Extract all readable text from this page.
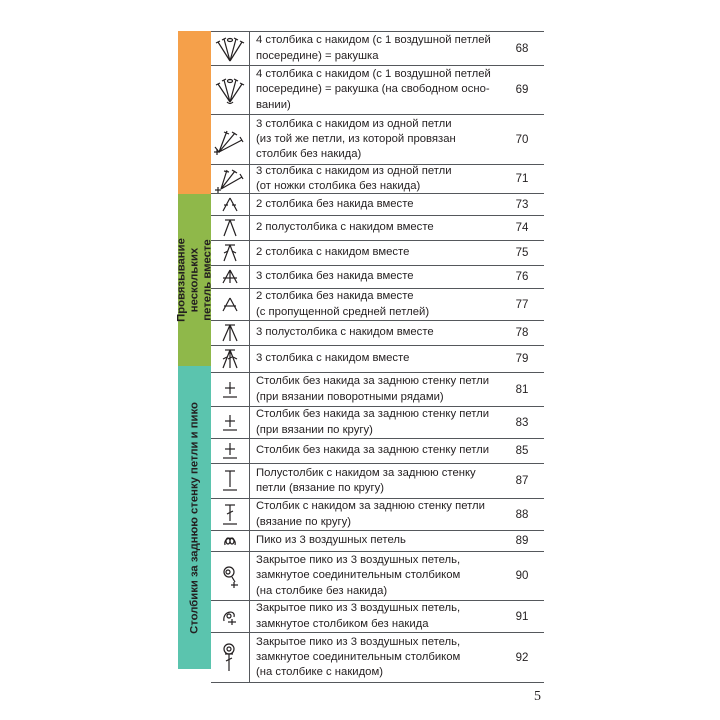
Провязывание
нескольких петель вместе
Столбики за заднюю стенку петли и пико
4 столбика с накидом (с 1 воздушной петлей
посередине) = ракушка
68
4 столбика с накидом (с 1 воздушной петлей
посередине) = ракушка (на свободном осно-
вании)
69
3 столбика с накидом из одной петли
(из той же петли, из которой провязан
столбик без накида)
70
3 столбика с накидом из одной петли
(от ножки столбика без накида)
71
2 столбика без накида вместе	73
2 полустолбика с накидом вместе	74
2 столбика с накидом вместе	75
3 столбика без накида вместе	76
2 столбика без накида вместе
(с пропущенной средней петлей)
77
3 полустолбика с накидом вместе	78
3 столбика с накидом вместе	79
Столбик без накида за заднюю стенку петли
(при вязании поворотными рядами)
81
Столбик без накида за заднюю стенку петли
(при вязании по кругу)
83
Столбик без накида за заднюю стенку петли	85
Полустолбик с накидом за заднюю стенку
петли (вязание по кругу)
87
Столбик с накидом за заднюю стенку петли
(вязание по кругу)
88
Пико из 3 воздушных петель	89
Закрытое пико из 3 воздушных петель,
замкнутое соединительным столбиком
(на столбике без накида)
90
Закрытое пико из 3 воздушных петель,
замкнутое столбиком без накида
91
Закрытое пико из 3 воздушных петель,
замкнутое соединительным столбиком
(на столбике с накидом)
92
5
